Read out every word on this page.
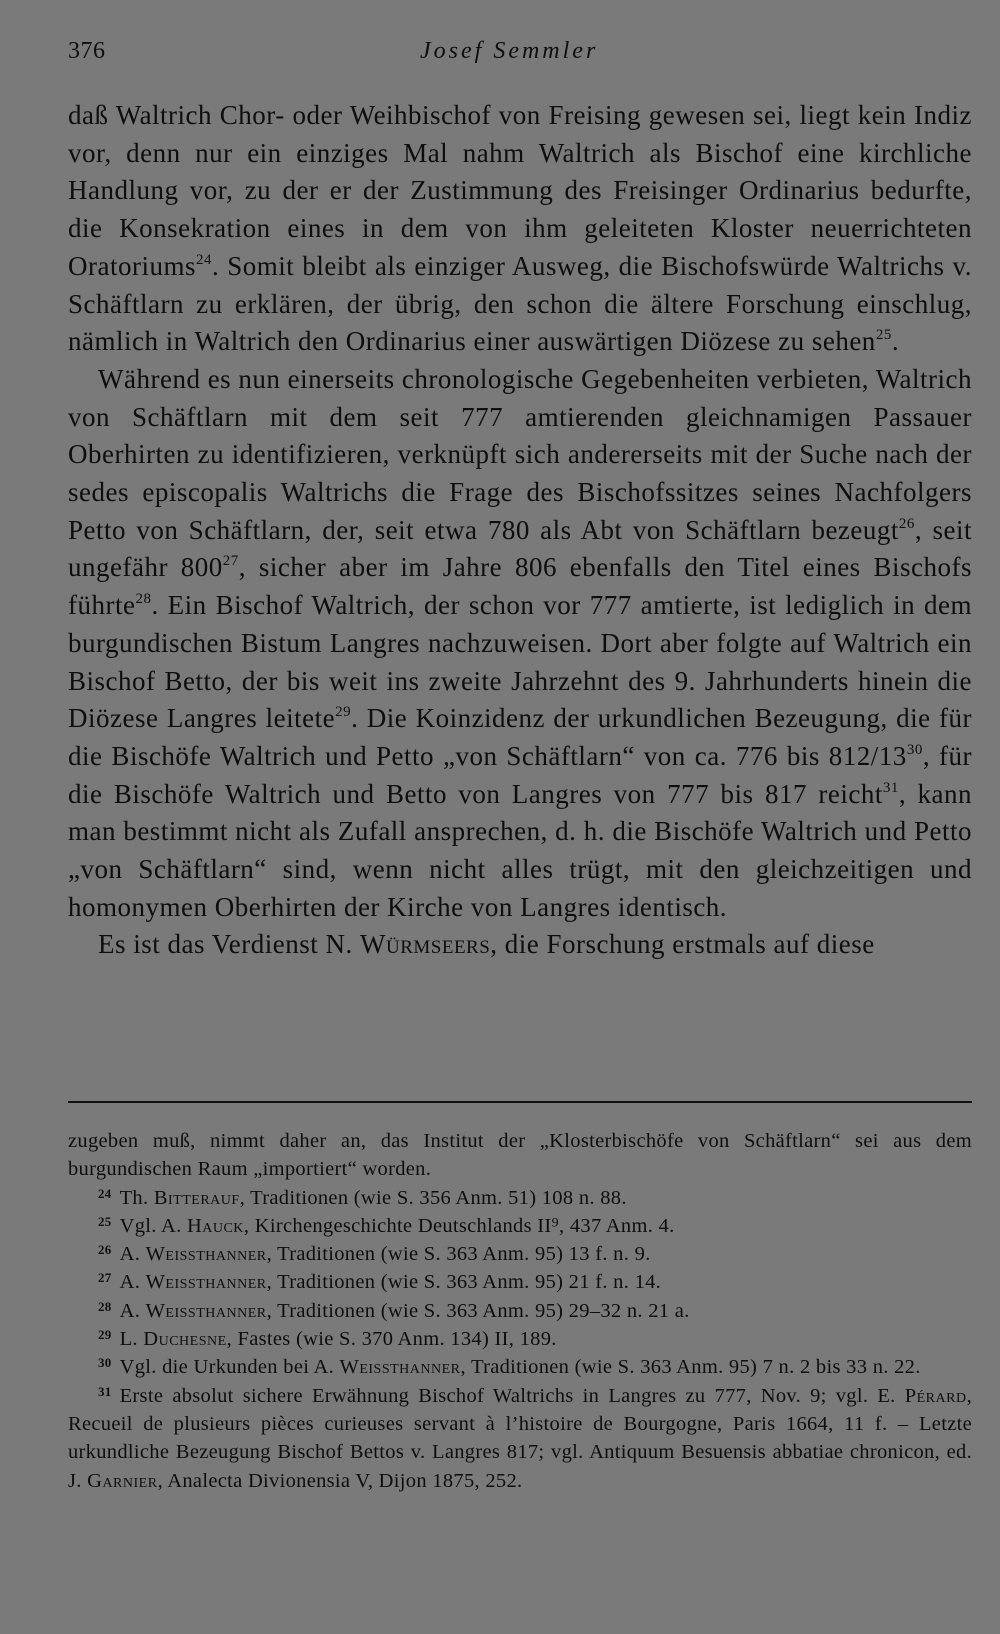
376	Josef Semmler

daß Waltrich Chor- oder Weihbischof von Freising gewesen sei, liegt kein Indiz vor, denn nur ein einziges Mal nahm Waltrich als Bischof eine kirchliche Handlung vor, zu der er der Zustimmung des Freisinger Ordinarius bedurfte, die Konsekration eines in dem von ihm geleiteten Kloster neuerrichteten Oratoriums$^{24}$. Somit bleibt als einziger Ausweg, die Bischofswürde Waltrichs v. Schäftlarn zu erklären, der übrig, den schon die ältere Forschung einschlug, nämlich in Waltrich den Ordinarius einer auswärtigen Diözese zu sehen$^{25}$.

Während es nun einerseits chronologische Gegebenheiten verbieten, Waltrich von Schäftlarn mit dem seit 777 amtierenden gleichnamigen Passauer Oberhirten zu identifizieren, verknüpft sich andererseits mit der Suche nach der sedes episcopalis Waltrichs die Frage des Bischofssitzes seines Nachfolgers Petto von Schäftlarn, der, seit etwa 780 als Abt von Schäftlarn bezeugt$^{26}$, seit ungefähr $800^{27}$, sicher aber im Jahre 806 ebenfalls den Titel eines Bischofs führte$^{28}$. Ein Bischof Waltrich, der schon vor 777 amtierte, ist lediglich in dem burgundischen Bistum Langres nachzuweisen. Dort aber folgte auf Waltrich ein Bischof Betto, der bis weit ins zweite Jahrzehnt des 9. Jahrhunderts hinein die Diözese Langres leitete$^{29}$. Die Koinzidenz der urkundlichen Bezeugung, die für die Bischöfe Waltrich und Petto „von Schäftlarn“ von ca. 776 bis $812/13^{30}$, für die Bischöfe Waltrich und Betto von Langres von 777 bis 817 reicht$^{31}$, kann man bestimmt nicht als Zufall ansprechen, d. h. die Bischöfe Waltrich und Petto „von Schäftlarn“ sind, wenn nicht alles trügt, mit den gleichzeitigen und homonymen Oberhirten der Kirche von Langres identisch.

Es ist das Verdienst N. Würmseers, die Forschung erstmals auf diese

zugeben muß, nimmt daher an, das Institut der „Klosterbischöfe von Schäftlarn“ sei aus dem burgundischen Raum „importiert“ worden.

$^{24}$ Th. Bitterauf, Traditionen (wie S. 356 Anm. 51) 108 n. 88.

$^{25}$ Vgl. A. Hauck, Kirchengeschichte Deutschlands II⁹, 437 Anm. 4.

$^{26}$ A. Weissthanner, Traditionen (wie S. 363 Anm. 95) 13 f. n. 9.

$^{27}$ A. Weissthanner, Traditionen (wie S. 363 Anm. 95) 21 f. n. 14.

$^{28}$ A. Weissthanner, Traditionen (wie S. 363 Anm. 95) 29–32 n. 21 a.

$^{29}$ L. Duchesne, Fastes (wie S. 370 Anm. 134) II, 189.

$^{30}$ Vgl. die Urkunden bei A. Weissthanner, Traditionen (wie S. 363 Anm. 95) 7 n. 2 bis 33 n. 22.

$^{31}$ Erste absolut sichere Erwähnung Bischof Waltrichs in Langres zu 777, Nov. 9; vgl. E. Pérard, Recueil de plusieurs pièces curieuses servant à l’histoire de Bourgogne, Paris 1664, 11 f. – Letzte urkundliche Bezeugung Bischof Bettos v. Langres 817; vgl. Antiquum Besuensis abbatiae chronicon, ed. J. Garnier, Analecta Divionensia V, Dijon 1875, 252.
